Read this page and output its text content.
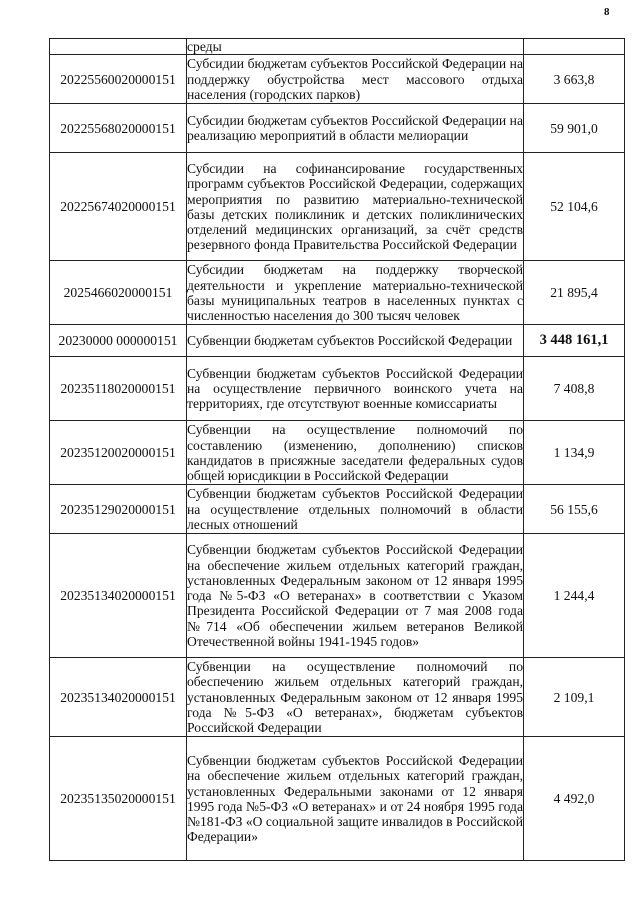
8
	среды	
20225560020000151	Субсидии бюджетам субъектов Российской Федерации на поддержку обустройства мест массового отдыха населения (городских парков)	3 663,8
20225568020000151	Субсидии бюджетам субъектов Российской Федерации на реализацию мероприятий в области мелиорации	59 901,0
20225674020000151	Субсидии на софинансирование государственных программ субъектов Российской Федерации, содержащих мероприятия по развитию материально-технической базы детских поликлиник и детских поликлинических отделений медицинских организаций, за счёт средств резервного фонда Правительства Российской Федерации	52 104,6
2025466020000151	Субсидии бюджетам на поддержку творческой деятельности и укрепление материально-технической базы муниципальных театров в населенных пунктах с численностью населения до 300 тысяч человек	21 895,4
20230000 000000151	Субвенции бюджетам субъектов Российской Федерации	3 448 161,1
20235118020000151	Субвенции бюджетам субъектов Российской Федерации на осуществление первичного воинского учета на территориях, где отсутствуют военные комиссариаты	7 408,8
20235120020000151	Субвенции на осуществление полномочий по составлению (изменению, дополнению) списков кандидатов в присяжные заседатели федеральных судов общей юрисдикции в Российской Федерации	1 134,9
20235129020000151	Субвенции бюджетам субъектов Российской Федерации на осуществление отдельных полномочий в области лесных отношений	56 155,6
20235134020000151	Субвенции бюджетам субъектов Российской Федерации на обеспечение жильем отдельных категорий граждан, установленных Федеральным законом от 12 января 1995 года №5-ФЗ «О ветеранах» в соответствии с Указом Президента Российской Федерации от 7 мая 2008 года №714 «Об обеспечении жильем ветеранов Великой Отечественной войны 1941-1945 годов»	1 244,4
20235134020000151	Субвенции на осуществление полномочий по обеспечению жильем отдельных категорий граждан, установленных Федеральным законом от 12 января 1995 года №5-ФЗ «О ветеранах», бюджетам субъектов Российской Федерации	2 109,1
20235135020000151	Субвенции бюджетам субъектов Российской Федерации на обеспечение жильем отдельных категорий граждан, установленных Федеральными законами от 12 января 1995 года №5-ФЗ «О ветеранах» и от 24 ноября 1995 года №181-ФЗ «О социальной защите инвалидов в Российской Федерации»	4 492,0
